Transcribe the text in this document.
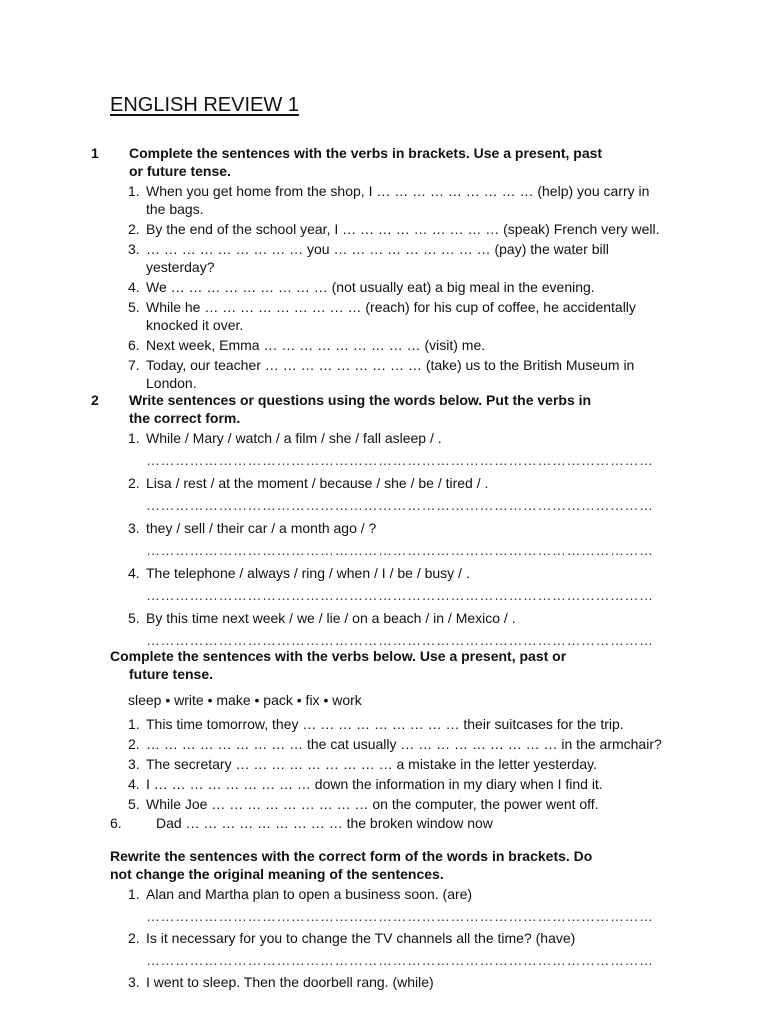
ENGLISH REVIEW 1

1 Complete the sentences with the verbs in brackets. Use a present, past
or future tense.

1. When you get home from the shop, I … … … … … … … … … (help) you carry in
the bags.
2. By the end of the school year, I … … … … … … … … … (speak) French very well.
3. … … … … … … … … … you … … … … … … … … … (pay) the water bill yesterday?
4. We … … … … … … … … … (not usually eat) a big meal in the evening.
5. While he … … … … … … … … … (reach) for his cup of coffee, he accidentally
knocked it over.
6. Next week, Emma … … … … … … … … … (visit) me.
7. Today, our teacher … … … … … … … … … (take) us to the British Museum in
London.

2 Write sentences or questions using the words below. Put the verbs in
the correct form.

1. While / Mary / watch / a film / she / fall asleep / .
……………………………………………………………………………………………
2. Lisa / rest / at the moment / because / she / be / tired / .
……………………………………………………………………………………………
3. they / sell / their car / a month ago / ?
……………………………………………………………………………………………
4. The telephone / always / ring / when / I / be / busy / .
……………………………………………………………………………………………
5. By this time next week / we / lie / on a beach / in / Mexico / .
……………………………………………………………………………………………

Complete the sentences with the verbs below. Use a present, past or
future tense.

sleep • write • make • pack • fix • work

1. This time tomorrow, they … … … … … … … … … their suitcases for the trip.
2. … … … … … … … … … the cat usually … … … … … … … … … in the armchair?
3. The secretary … … … … … … … … … a mistake in the letter yesterday.
4. I … … … … … … … … … down the information in my diary when I find it.
5. While Joe … … … … … … … … … on the computer, the power went off.
6. Dad … … … … … … … … … the broken window now

Rewrite the sentences with the correct form of the words in brackets. Do
not change the original meaning of the sentences.

1. Alan and Martha plan to open a business soon. (are)
……………………………………………………………………………………………
2. Is it necessary for you to change the TV channels all the time? (have)
……………………………………………………………………………………………
3. I went to sleep. Then the doorbell rang. (while)
